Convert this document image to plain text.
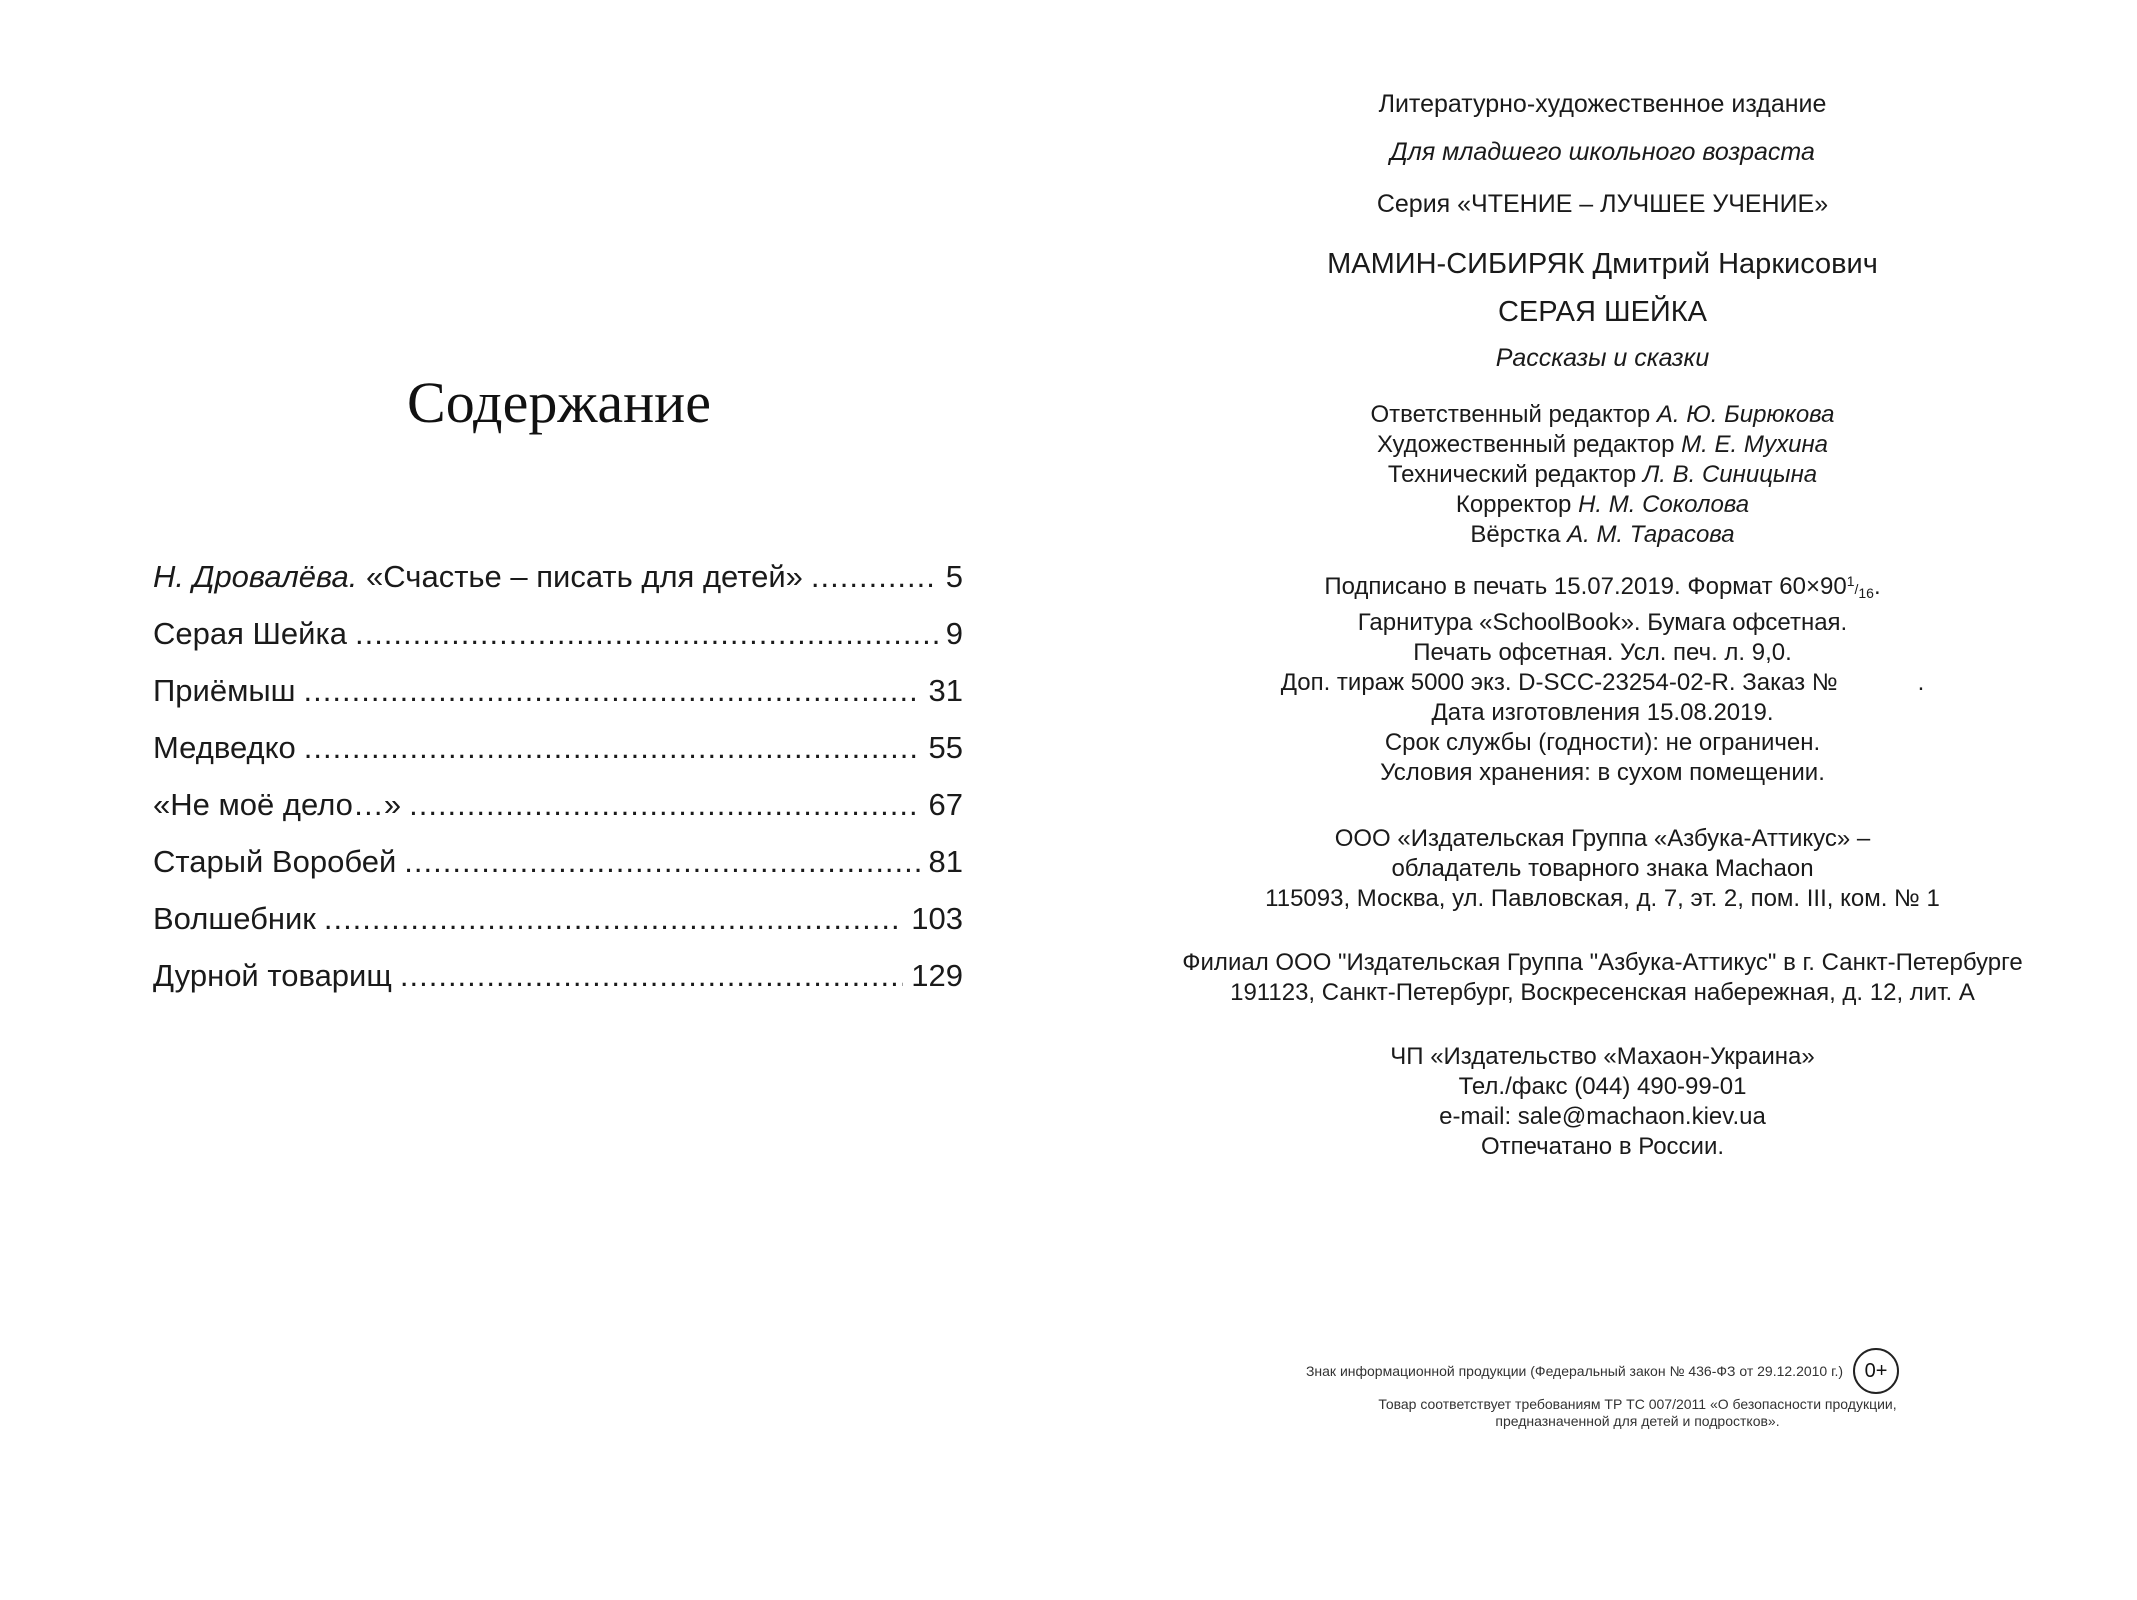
Содержание
Н. Дровалёва. «Счастье – писать для детей» .....	5
Серая Шейка .....	9
Приёмыш .....	31
Медведко .....	55
«Не моё дело…» .....	67
Старый Воробей .....	81
Волшебник .....	103
Дурной товарищ .....	129

Литературно-художественное издание

Для младшего школьного возраста

Серия «ЧТЕНИЕ – ЛУЧШЕЕ УЧЕНИЕ»

МАМИН-СИБИРЯК Дмитрий Наркисович

СЕРАЯ ШЕЙКА

Рассказы и сказки

Ответственный редактор А. Ю. Бирюкова

Художественный редактор М. Е. Мухина

Технический редактор Л. В. Синицына

Корректор Н. М. Соколова

Вёрстка А. М. Тарасова

Подписано в печать 15.07.2019. Формат 60×901/16.

Гарнитура «SchoolBook». Бумага офсетная.

Печать офсетная. Усл. печ. л. 9,0.

Доп. тираж 5000 экз. D-SCC-23254-02-R. Заказ №            .

Дата изготовления 15.08.2019.

Срок службы (годности): не ограничен.

Условия хранения: в сухом помещении.

ООО «Издательская Группа «Азбука-Аттикус» –

обладатель товарного знака Machaon

115093, Москва, ул. Павловская, д. 7, эт. 2, пом. III, ком. № 1

Филиал ООО "Издательская Группа "Азбука-Аттикус" в г. Санкт-Петербурге

191123, Санкт-Петербург, Воскресенская набережная, д. 12, лит. А

ЧП «Издательство «Махаон-Украина»

Тел./факс (044) 490-99-01

e-mail: sale@machaon.kiev.ua

Отпечатано в России.

Знак информационной продукции (Федеральный закон № 436-ФЗ от 29.12.2010 г.)	0+

Товар соответствует требованиям ТР ТС 007/2011 «О безопасности продукции,

предназначенной для детей и подростков».
